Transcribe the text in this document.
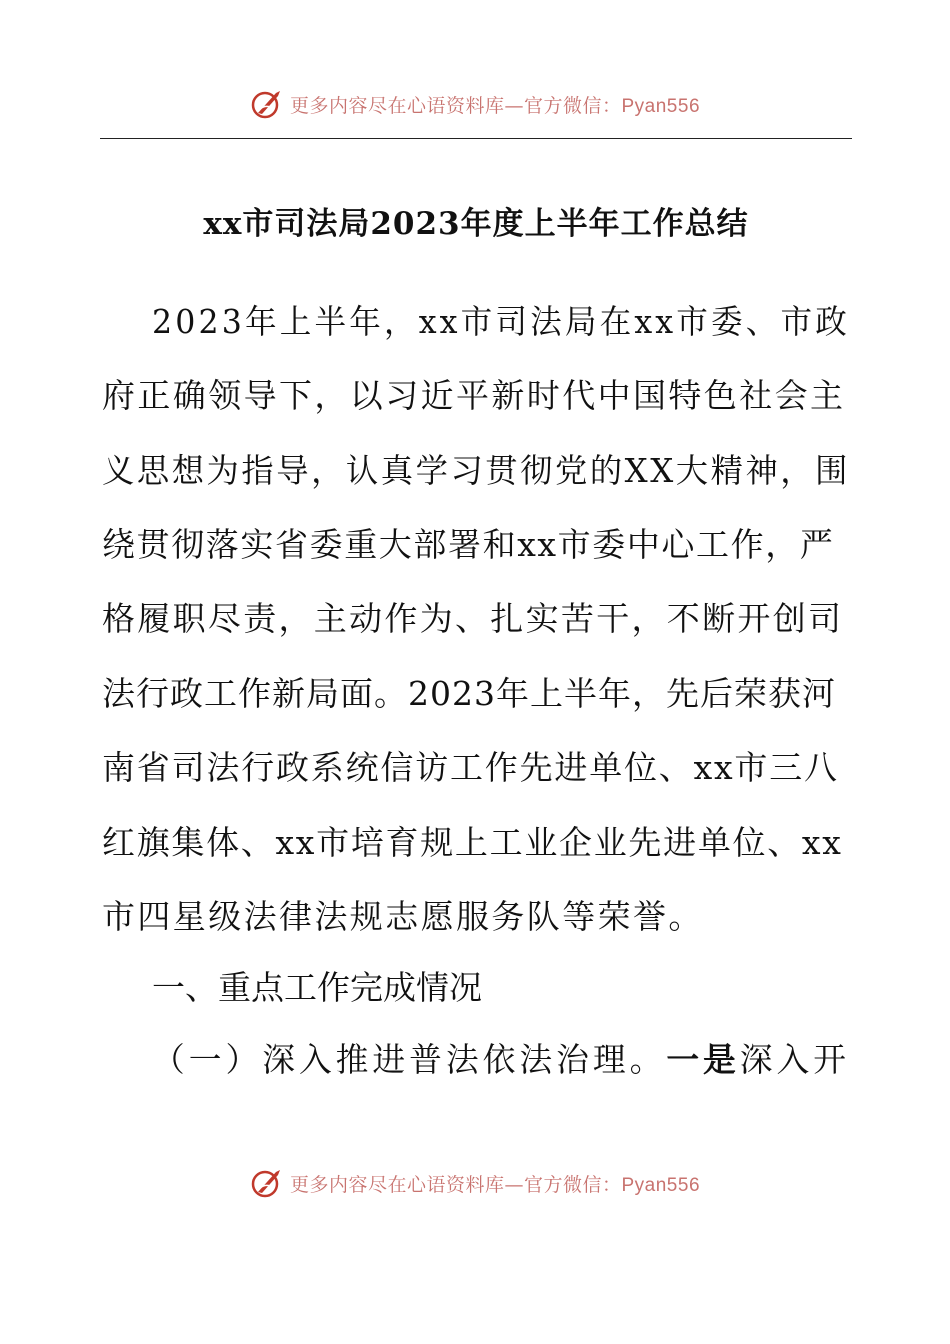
更多内容尽在心语资料库—官方微信：Pyan556
xx市司法局2023年度上半年工作总结
2023年上半年，xx市司法局在xx市委、市政
府正确领导下，以习近平新时代中国特色社会主
义思想为指导，认真学习贯彻党的XX大精神，围
绕贯彻落实省委重大部署和xx市委中心工作，严
格履职尽责，主动作为、扎实苦干，不断开创司
法行政工作新局面。2023年上半年，先后荣获河
南省司法行政系统信访工作先进单位、xx市三八
红旗集体、xx市培育规上工业企业先进单位、xx
市四星级法律法规志愿服务队等荣誉。
一、重点工作完成情况
（一）深入推进普法依法治理。一是深入开
更多内容尽在心语资料库—官方微信：Pyan556
